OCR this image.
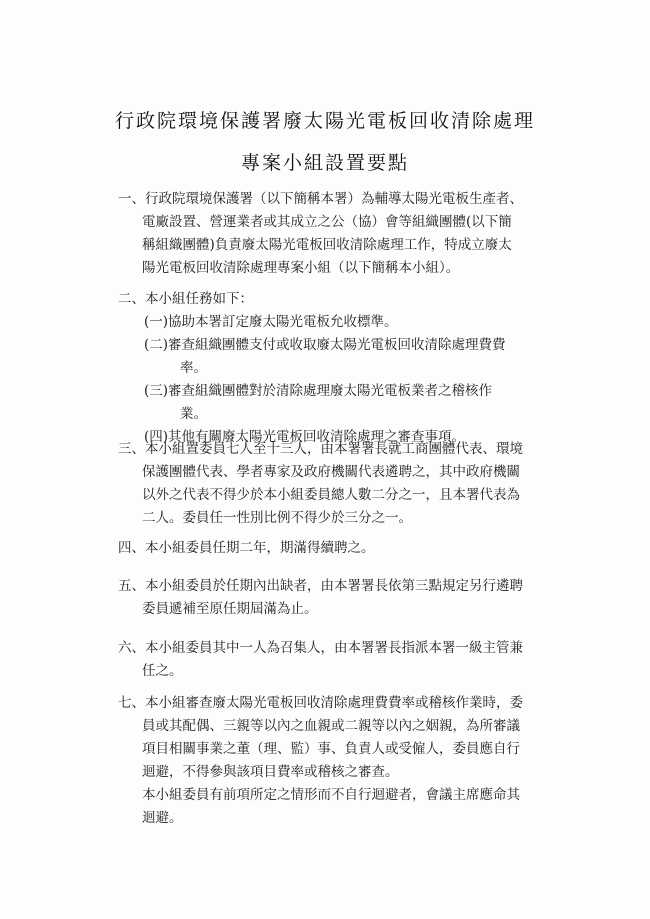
行政院環境保護署廢太陽光電板回收清除處理
專案小組設置要點
一、行政院環境保護署（以下簡稱本署）為輔導太陽光電板生產者、
電廠設置、營運業者或其成立之公（協）會等組織團體(以下簡
稱組織團體)負責廢太陽光電板回收清除處理工作，特成立廢太
陽光電板回收清除處理專案小組（以下簡稱本小組）。
二、本小組任務如下：
(一)協助本署訂定廢太陽光電板允收標準。
(二)審查組織團體支付或收取廢太陽光電板回收清除處理費費
率。
(三)審查組織團體對於清除處理廢太陽光電板業者之稽核作
業。
(四)其他有關廢太陽光電板回收清除處理之審查事項。
三、本小組置委員七人至十三人，由本署署長就工商團體代表、環境
保護團體代表、學者專家及政府機關代表遴聘之，其中政府機關
以外之代表不得少於本小組委員總人數二分之一，且本署代表為
二人。委員任一性別比例不得少於三分之一。
四、本小組委員任期二年，期滿得續聘之。
五、本小組委員於任期內出缺者，由本署署長依第三點規定另行遴聘
委員遞補至原任期屆滿為止。
六、本小組委員其中一人為召集人，由本署署長指派本署一級主管兼
任之。
七、本小組審查廢太陽光電板回收清除處理費費率或稽核作業時，委
員或其配偶、三親等以內之血親或二親等以內之姻親，為所審議
項目相關事業之董（理、監）事、負責人或受僱人，委員應自行
迴避，不得參與該項目費率或稽核之審查。
本小組委員有前項所定之情形而不自行迴避者，會議主席應命其
迴避。
